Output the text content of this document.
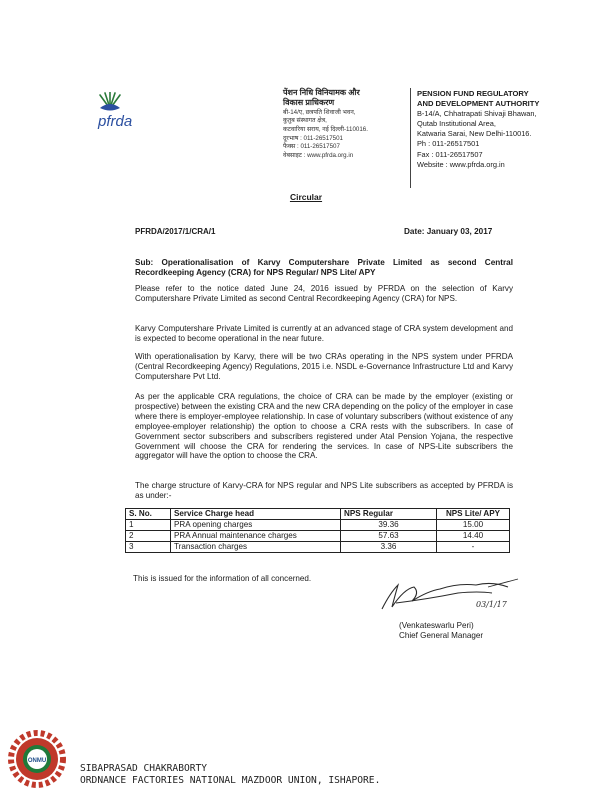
pfrda
पेंशन निधि विनियामक और
विकास प्राधिकरण
बी-14/ए, छत्रपति शिवाजी भवन,
कुतुब संस्थागत क्षेत्र,
कटवारिया सराय, नई दिल्ली-110016.
दूरभाष : 011-26517501
फैक्स : 011-26517507
वेबसाइट : www.pfrda.org.in
PENSION FUND REGULATORY
AND DEVELOPMENT AUTHORITY
B-14/A, Chhatrapati Shivaji Bhawan,
Qutab Institutional Area,
Katwaria Sarai, New Delhi-110016.
Ph : 011-26517501
Fax : 011-26517507
Website : www.pfrda.org.in
Circular
PFRDA/2017/1/CRA/1	Date: January 03, 2017
Sub: Operationalisation of Karvy Computershare Private Limited as second Central Recordkeeping Agency (CRA) for NPS Regular/ NPS Lite/ APY
Please refer to the notice dated June 24, 2016 issued by PFRDA on the selection of Karvy Computershare Private Limited as second Central Recordkeeping Agency (CRA) for NPS.
Karvy Computershare Private Limited is currently at an advanced stage of CRA system development and is expected to become operational in the near future.
With operationalisation by Karvy, there will be two CRAs operating in the NPS system under PFRDA (Central Recordkeeping Agency) Regulations, 2015 i.e. NSDL e-Governance Infrastructure Ltd and Karvy Computershare Pvt Ltd.
As per the applicable CRA regulations, the choice of CRA can be made by the employer (existing or prospective) between the existing CRA and the new CRA depending on the policy of the employer in case where there is employer-employee relationship. In case of voluntary subscribers (without existence of any employee-employer relationship) the option to choose a CRA rests with the subscribers. In case of Government sector subscribers and subscribers registered under Atal Pension Yojana, the respective Government will choose the CRA for rendering the services. In case of NPS-Lite subscribers the aggregator will have the option to choose the CRA.
The charge structure of Karvy-CRA for NPS regular and NPS Lite subscribers as accepted by PFRDA is as under:-
S. No.	Service Charge head	NPS Regular	NPS Lite/ APY
1	PRA opening charges	39.36	15.00
2	PRA Annual maintenance charges	57.63	14.40
3	Transaction charges	3.36	-
This is issued for the information of all concerned.
03/1/17
(Venkateswarlu Peri)
Chief General Manager
ONMU
SIBAPRASAD CHAKRABORTY
ORDNANCE FACTORIES NATIONAL MAZDOOR UNION, ISHAPORE.
